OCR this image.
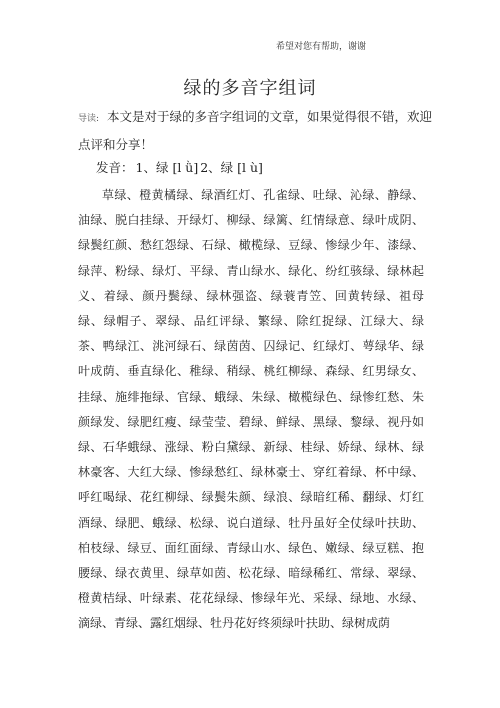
希望对您有帮助，谢谢
绿的多音字组词
导读: 本文是对于绿的多音字组词的文章，如果觉得很不错，欢迎点评和分享！
发音： 1、绿 [l ǜ] 2、绿 [l ù]
草绿、橙黄橘绿、绿酒红灯、孔雀绿、吐绿、沁绿、静绿、油绿、脱白挂绿、开绿灯、柳绿、绿篱、红情绿意、绿叶成阴、绿鬓红颜、愁红怨绿、石绿、橄榄绿、豆绿、惨绿少年、漆绿、绿萍、粉绿、绿灯、平绿、青山绿水、绿化、纷红骇绿、绿林起义、着绿、颜丹鬓绿、绿林强盗、绿蓑青笠、回黄转绿、祖母绿、绿帽子、翠绿、品红评绿、繁绿、除红捉绿、江绿大、绿茶、鸭绿江、洮河绿石、绿茵茵、囚绿记、红绿灯、萼绿华、绿叶成荫、垂直绿化、稚绿、稍绿、桃红柳绿、森绿、红男绿女、挂绿、施绯拖绿、官绿、蛾绿、朱绿、橄榄绿色、绿惨红愁、朱颜绿发、绿肥红瘦、绿莹莹、碧绿、鲜绿、黑绿、黎绿、视丹如绿、石华蛾绿、涨绿、粉白黛绿、新绿、桂绿、娇绿、绿林、绿林豪客、大红大绿、惨绿愁红、绿林豪士、穿红着绿、杯中绿、呼红喝绿、花红柳绿、绿鬓朱颜、绿浪、绿暗红稀、翻绿、灯红酒绿、绿肥、蛾绿、松绿、说白道绿、牡丹虽好全仗绿叶扶助、柏枝绿、绿豆、面红面绿、青绿山水、绿色、嫩绿、绿豆糕、抱腰绿、绿衣黄里、绿草如茵、松花绿、暗绿稀红、常绿、翠绿、橙黄桔绿、叶绿素、花花绿绿、惨绿年光、采绿、绿地、水绿、滴绿、青绿、露红烟绿、牡丹花好终须绿叶扶助、绿树成荫
